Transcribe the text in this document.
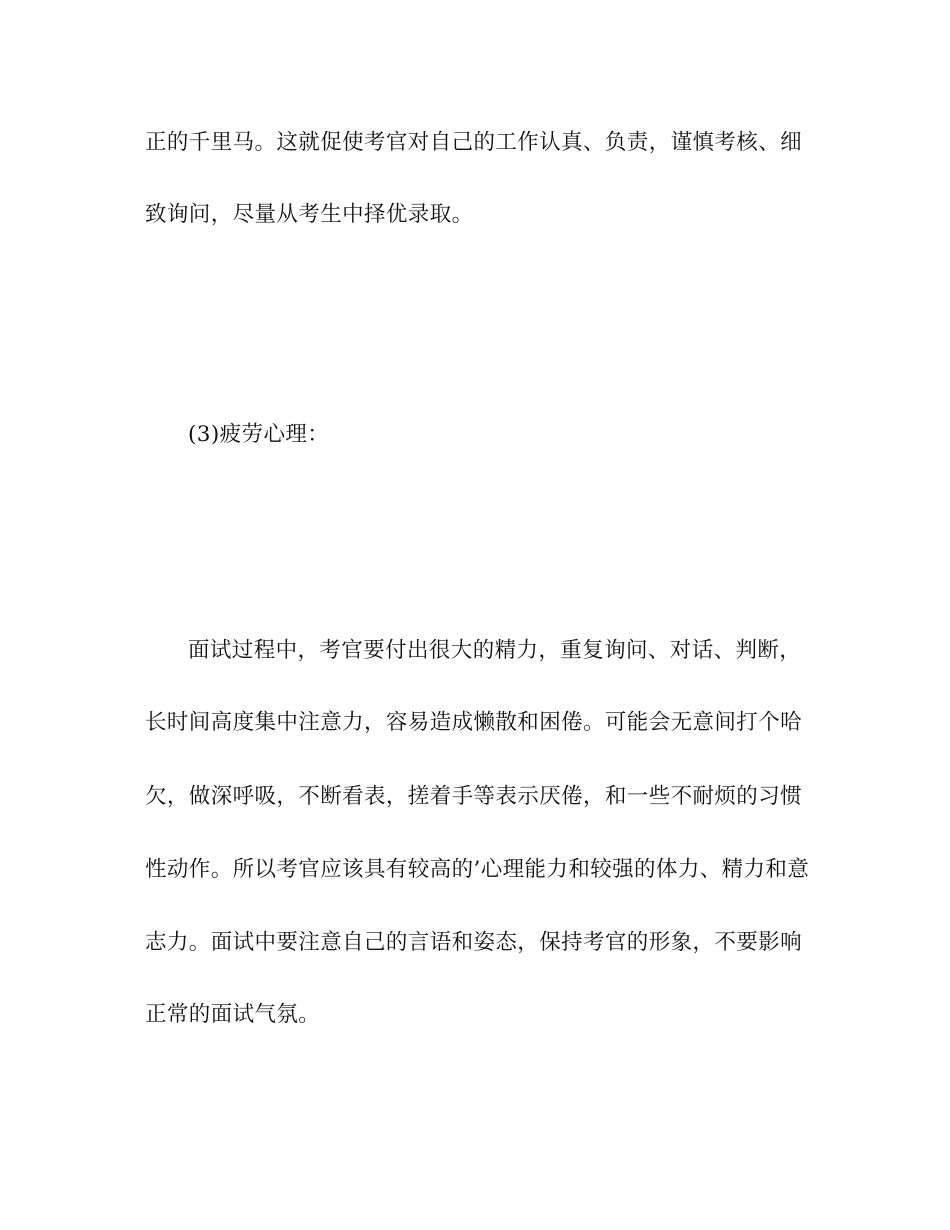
正的千里马。这就促使考官对自己的工作认真、负责，谨慎考核、细
致询问，尽量从考生中择优录取。
(3)疲劳心理：
面试过程中，考官要付出很大的精力，重复询问、对话、判断，
长时间高度集中注意力，容易造成懒散和困倦。可能会无意间打个哈
欠，做深呼吸，不断看表，搓着手等表示厌倦，和一些不耐烦的习惯
性动作。所以考官应该具有较高的’心理能力和较强的体力、精力和意
志力。面试中要注意自己的言语和姿态，保持考官的形象，不要影响
正常的面试气氛。
